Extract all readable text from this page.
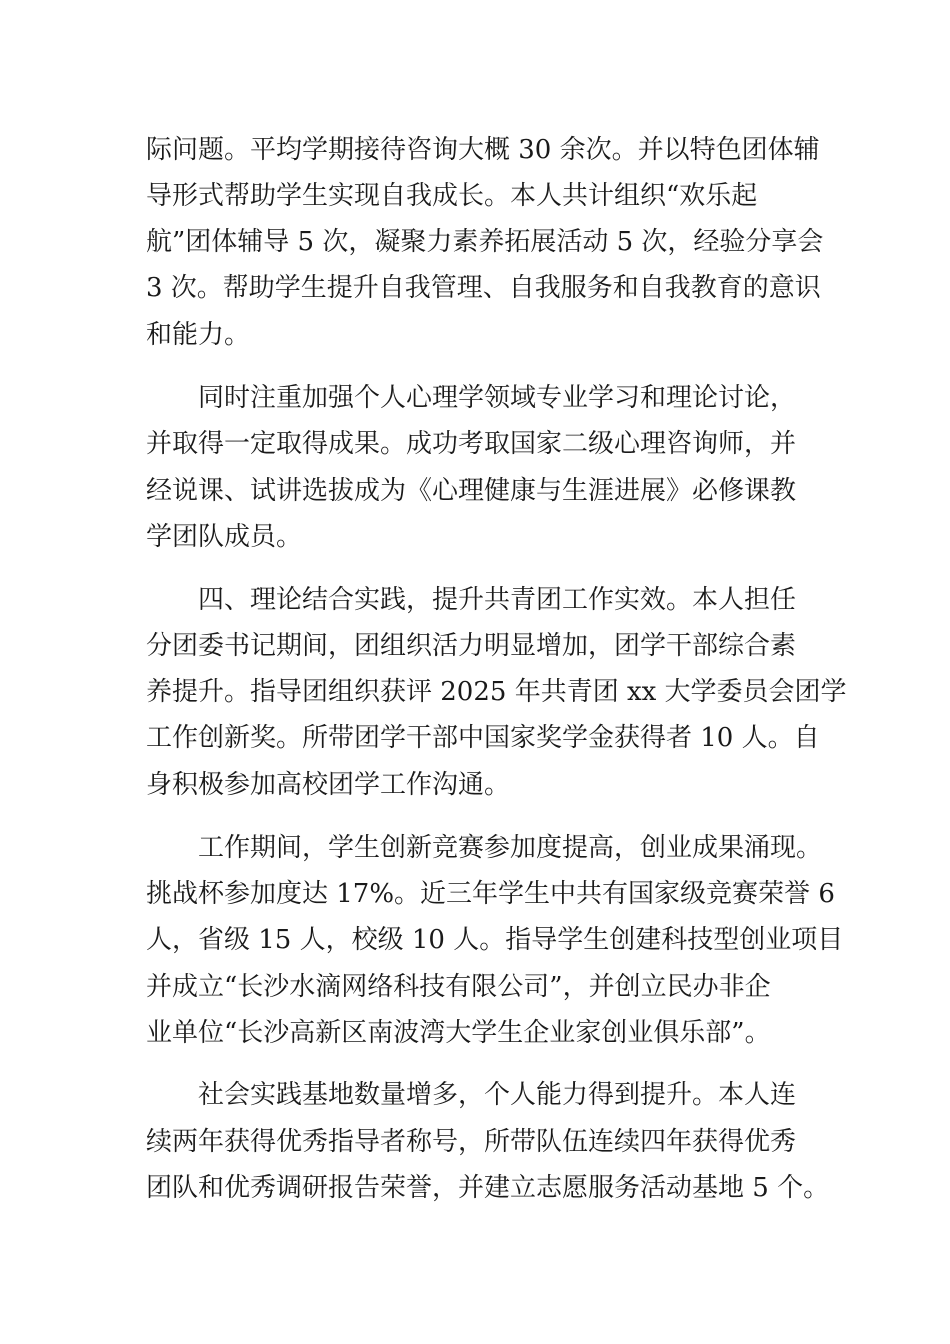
际问题。平均学期接待咨询大概 30 余次。并以特色团体辅
导形式帮助学生实现自我成长。本人共计组织“欢乐起
航”团体辅导 5 次，凝聚力素养拓展活动 5 次，经验分享会
3 次。帮助学生提升自我管理、自我服务和自我教育的意识
和能力。
同时注重加强个人心理学领域专业学习和理论讨论，
并取得一定取得成果。成功考取国家二级心理咨询师，并
经说课、试讲选拔成为《心理健康与生涯进展》必修课教
学团队成员。
四、理论结合实践，提升共青团工作实效。本人担任
分团委书记期间，团组织活力明显增加，团学干部综合素
养提升。指导团组织获评 2025 年共青团 xx 大学委员会团学
工作创新奖。所带团学干部中国家奖学金获得者 10 人。自
身积极参加高校团学工作沟通。
工作期间，学生创新竞赛参加度提高，创业成果涌现。
挑战杯参加度达 17%。近三年学生中共有国家级竞赛荣誉 6
人，省级 15 人，校级 10 人。指导学生创建科技型创业项目
并成立“长沙水滴网络科技有限公司”，并创立民办非企
业单位“长沙高新区南波湾大学生企业家创业俱乐部”。
社会实践基地数量增多，个人能力得到提升。本人连
续两年获得优秀指导者称号，所带队伍连续四年获得优秀
团队和优秀调研报告荣誉，并建立志愿服务活动基地 5 个。
